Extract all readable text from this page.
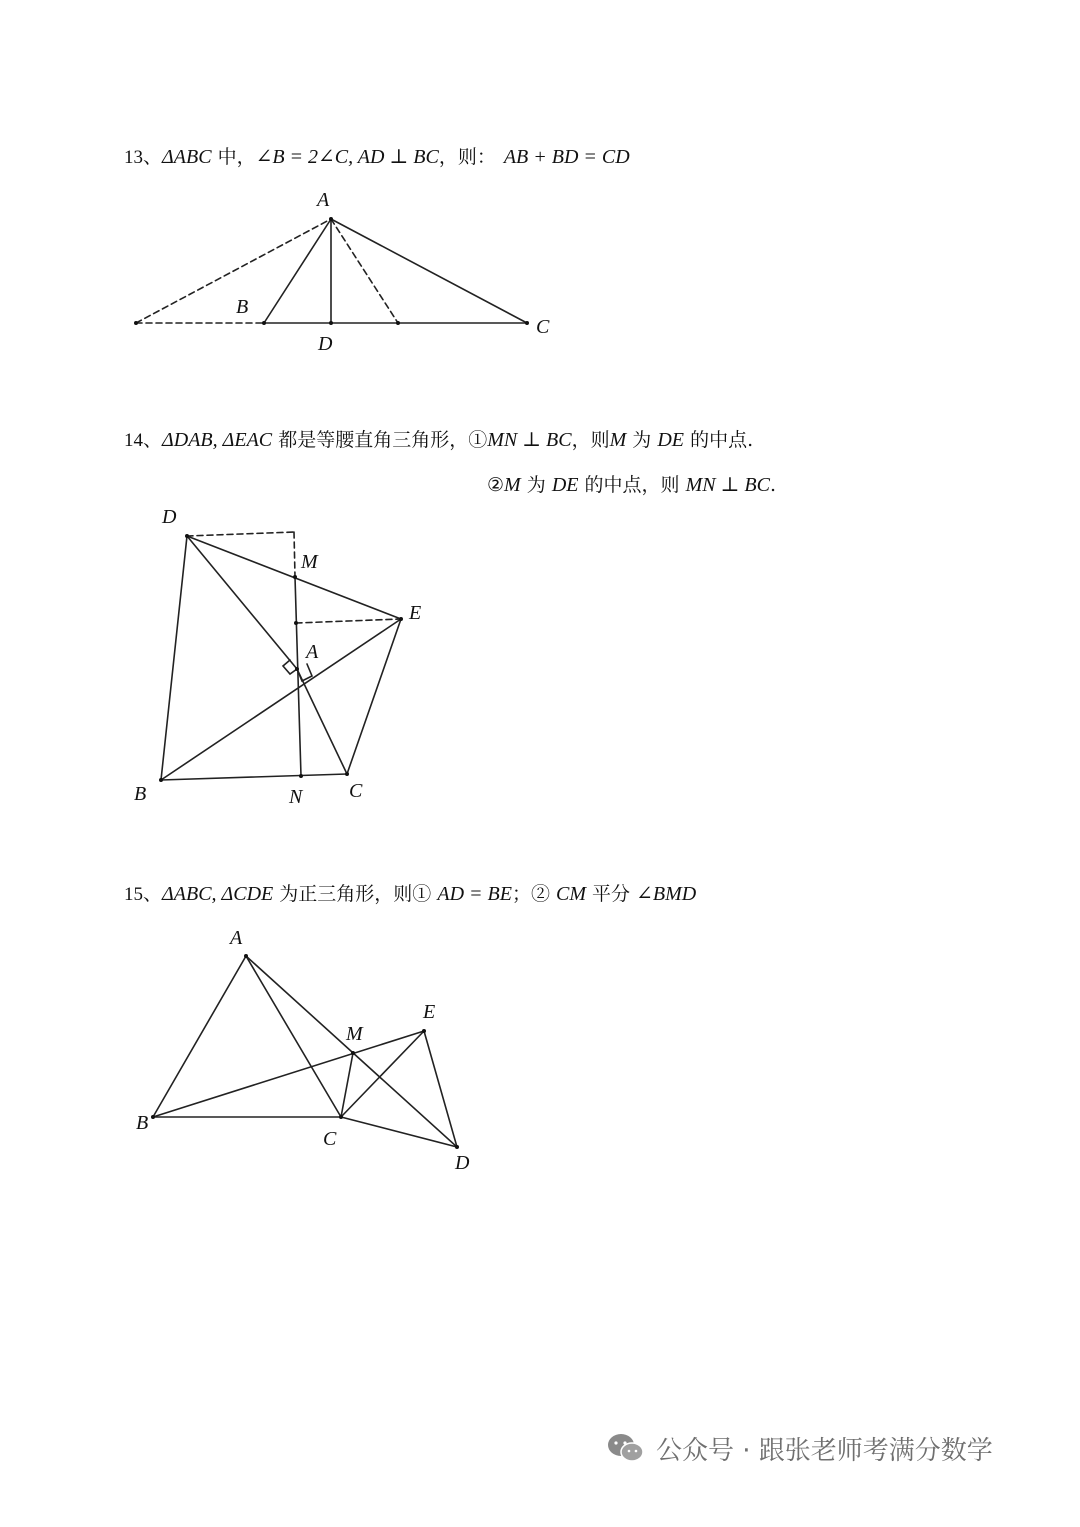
13、ΔABC 中，∠B = 2∠C, AD ⊥ BC，则： AB + BD = CD
14、ΔDAB, ΔEAC 都是等腰直角三角形，①MN ⊥ BC，则M 为 DE 的中点.
②M 为 DE 的中点，则 MN ⊥ BC.
15、ΔABC, ΔCDE 为正三角形，则① AD = BE；② CM 平分 ∠BMD
A
B
D
C
D
M
E
A
B	N C
A
E
M
B
C
D
公众号 · 跟张老师考满分数学
